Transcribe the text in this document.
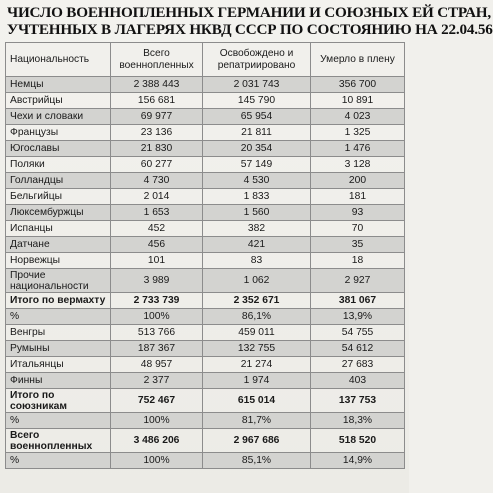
ЧИСЛО ВОЕННОПЛЕННЫХ ГЕРМАНИИ И СОЮЗНЫХ ЕЙ СТРАН,
УЧТЕННЫХ В ЛАГЕРЯХ НКВД СССР ПО СОСТОЯНИЮ НА 22.04.56
Национальность	Всего военнопленных	Освобождено и репатриировано	Умерло в плену
Немцы	2 388 443	2 031 743	356 700
Австрийцы	156 681	145 790	10 891
Чехи и словаки	69 977	65 954	4 023
Французы	23 136	21 811	1 325
Югославы	21 830	20 354	1 476
Поляки	60 277	57 149	3 128
Голландцы	4 730	4 530	200
Бельгийцы	2 014	1 833	181
Люксембуржцы	1 653	1 560	93
Испанцы	452	382	70
Датчане	456	421	35
Норвежцы	101	83	18
Прочие национальности	3 989	1 062	2 927
Итого по вермахту	2 733 739	2 352 671	381 067
%	100%	86,1%	13,9%
Венгры	513 766	459 011	54 755
Румыны	187 367	132 755	54 612
Итальянцы	48 957	21 274	27 683
Финны	2 377	1 974	403
Итого по союзникам	752 467	615 014	137 753
%	100%	81,7%	18,3%
Всего военнопленных	3 486 206	2 967 686	518 520
%	100%	85,1%	14,9%
